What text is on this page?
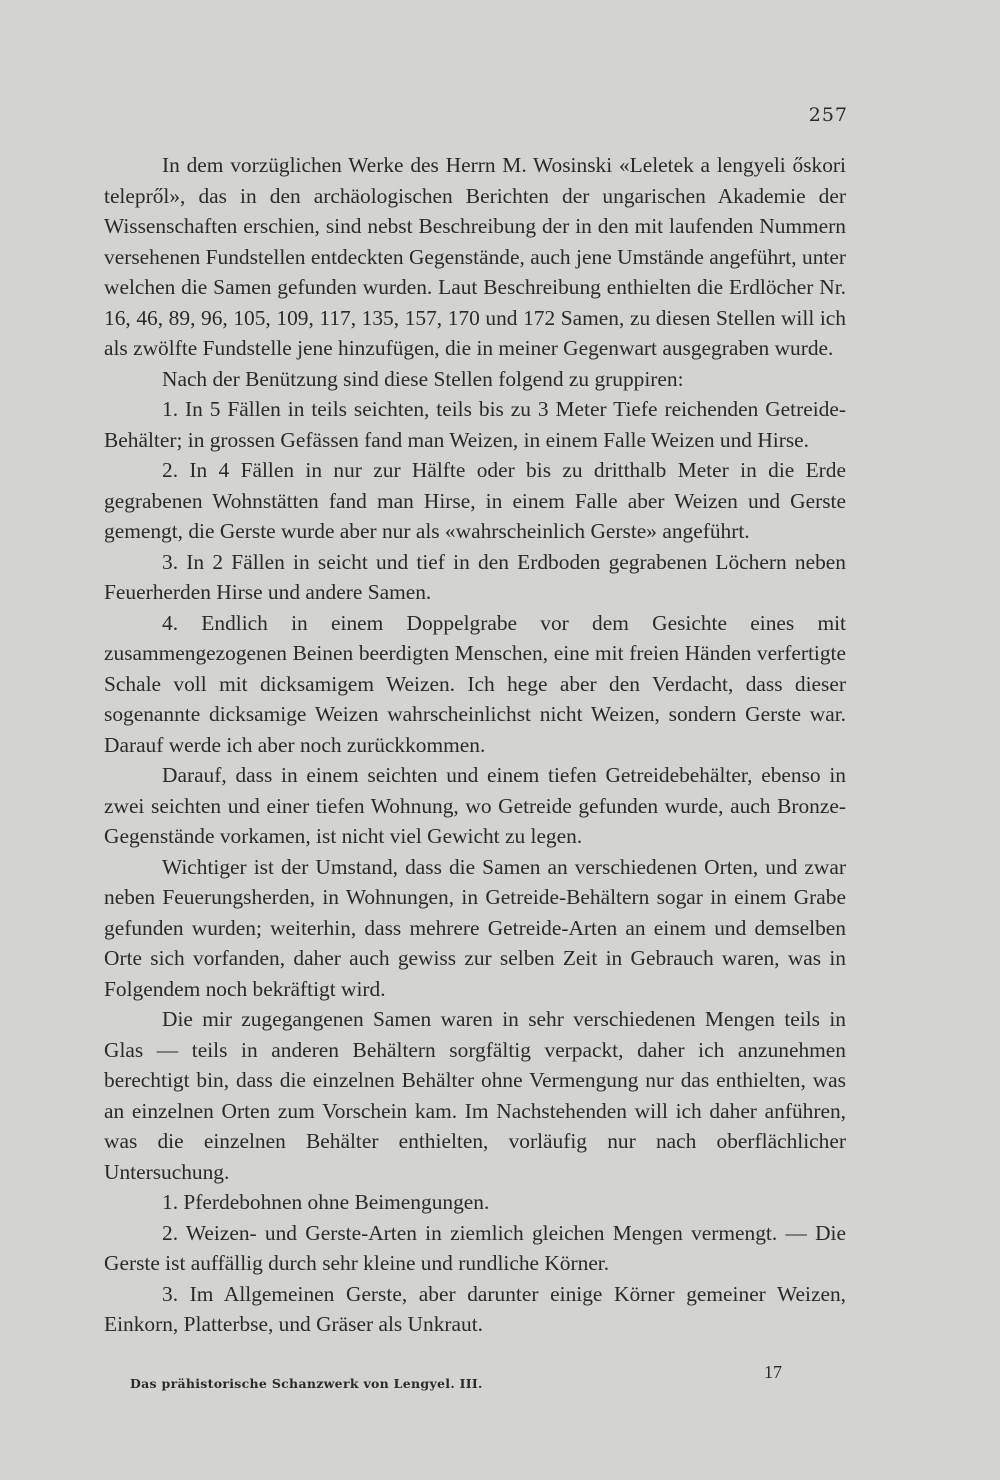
257

In dem vorzüglichen Werke des Herrn M. Wosinski «Leletek a lengyeli őskori telepről», das in den archäologischen Berichten der ungarischen Akademie der Wissenschaften erschien, sind nebst Beschreibung der in den mit laufenden Nummern versehenen Fundstellen entdeckten Gegenstände, auch jene Umstände angeführt, unter welchen die Samen gefunden wurden. Laut Beschreibung enthielten die Erdlöcher Nr. 16, 46, 89, 96, 105, 109, 117, 135, 157, 170 und 172 Samen, zu diesen Stellen will ich als zwölfte Fundstelle jene hinzufügen, die in meiner Gegenwart ausgegraben wurde.

Nach der Benützung sind diese Stellen folgend zu gruppiren:

1. In 5 Fällen in teils seichten, teils bis zu 3 Meter Tiefe reichenden Getreide-Behälter; in grossen Gefässen fand man Weizen, in einem Falle Weizen und Hirse.

2. In 4 Fällen in nur zur Hälfte oder bis zu dritthalb Meter in die Erde gegrabenen Wohnstätten fand man Hirse, in einem Falle aber Weizen und Gerste gemengt, die Gerste wurde aber nur als «wahrscheinlich Gerste» angeführt.

3. In 2 Fällen in seicht und tief in den Erdboden gegrabenen Löchern neben Feuerherden Hirse und andere Samen.

4. Endlich in einem Doppelgrabe vor dem Gesichte eines mit zusammengezogenen Beinen beerdigten Menschen, eine mit freien Händen verfertigte Schale voll mit dicksamigem Weizen. Ich hege aber den Verdacht, dass dieser sogenannte dicksamige Weizen wahrscheinlichst nicht Weizen, sondern Gerste war. Darauf werde ich aber noch zurückkommen.

Darauf, dass in einem seichten und einem tiefen Getreidebehälter, ebenso in zwei seichten und einer tiefen Wohnung, wo Getreide gefunden wurde, auch Bronze-Gegenstände vorkamen, ist nicht viel Gewicht zu legen.

Wichtiger ist der Umstand, dass die Samen an verschiedenen Orten, und zwar neben Feuerungsherden, in Wohnungen, in Getreide-Behältern sogar in einem Grabe gefunden wurden; weiterhin, dass mehrere Getreide-Arten an einem und demselben Orte sich vorfanden, daher auch gewiss zur selben Zeit in Gebrauch waren, was in Folgendem noch bekräftigt wird.

Die mir zugegangenen Samen waren in sehr verschiedenen Mengen teils in Glas — teils in anderen Behältern sorgfältig verpackt, daher ich anzunehmen berechtigt bin, dass die einzelnen Behälter ohne Vermengung nur das enthielten, was an einzelnen Orten zum Vorschein kam. Im Nachstehenden will ich daher anführen, was die einzelnen Behälter enthielten, vorläufig nur nach oberflächlicher Untersuchung.

1. Pferdebohnen ohne Beimengungen.

2. Weizen- und Gerste-Arten in ziemlich gleichen Mengen vermengt. — Die Gerste ist auffällig durch sehr kleine und rundliche Körner.

3. Im Allgemeinen Gerste, aber darunter einige Körner gemeiner Weizen, Einkorn, Platterbse, und Gräser als Unkraut.

Das prähistorische Schanzwerk von Lengyel. III.
17
